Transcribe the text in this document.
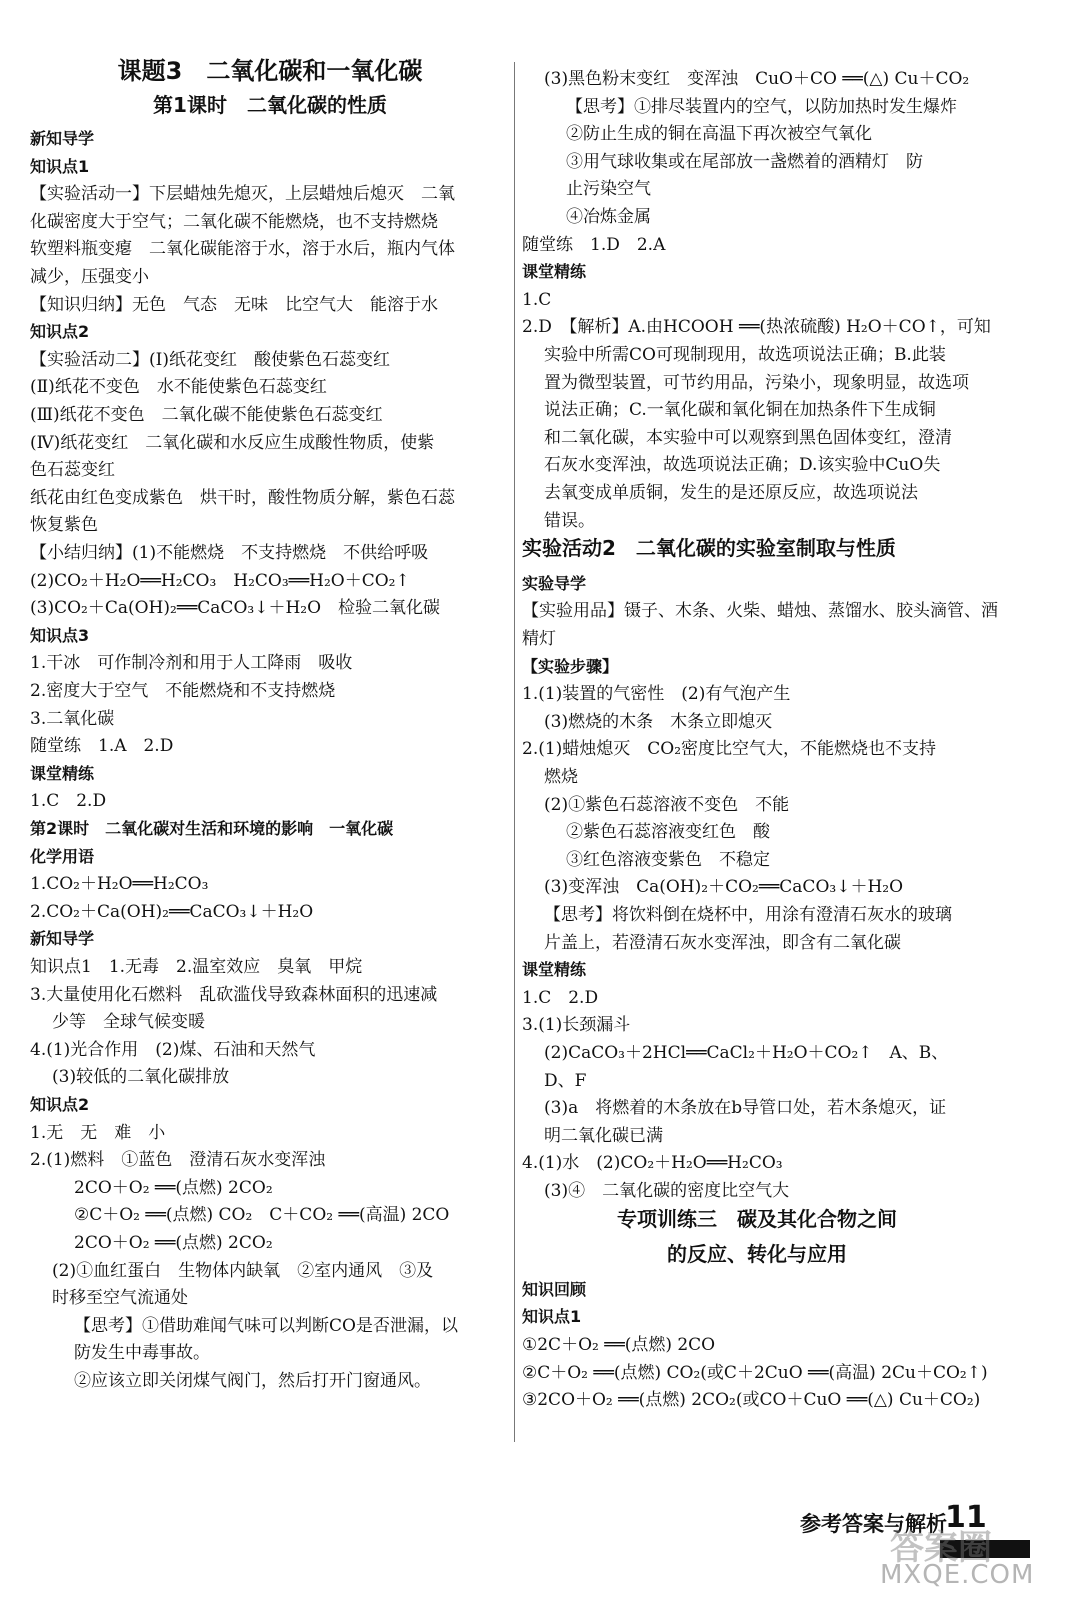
课题3　二氧化碳和一氧化碳
第1课时　二氧化碳的性质
新知导学
知识点1
【实验活动一】下层蜡烛先熄灭，上层蜡烛后熄灭　二氧
化碳密度大于空气；二氧化碳不能燃烧，也不支持燃烧
软塑料瓶变瘪　二氧化碳能溶于水，溶于水后，瓶内气体
减少，压强变小
【知识归纳】无色　气态　无味　比空气大　能溶于水
知识点2
【实验活动二】(Ⅰ)纸花变红　酸使紫色石蕊变红
(Ⅱ)纸花不变色　水不能使紫色石蕊变红
(Ⅲ)纸花不变色　二氧化碳不能使紫色石蕊变红
(Ⅳ)纸花变红　二氧化碳和水反应生成酸性物质，使紫
色石蕊变红
纸花由红色变成紫色　烘干时，酸性物质分解，紫色石蕊
恢复紫色
【小结归纳】(1)不能燃烧　不支持燃烧　不供给呼吸
(2)CO₂＋H₂O══H₂CO₃　H₂CO₃══H₂O＋CO₂↑
(3)CO₂＋Ca(OH)₂══CaCO₃↓＋H₂O　检验二氧化碳
知识点3
1.干冰　可作制冷剂和用于人工降雨　吸收
2.密度大于空气　不能燃烧和不支持燃烧
3.二氧化碳
随堂练　1.A　2.D
课堂精练
1.C　2.D
第2课时　二氧化碳对生活和环境的影响　一氧化碳
化学用语
1.CO₂＋H₂O══H₂CO₃
2.CO₂＋Ca(OH)₂══CaCO₃↓＋H₂O
新知导学
知识点1　1.无毒　2.温室效应　臭氧　甲烷
3.大量使用化石燃料　乱砍滥伐导致森林面积的迅速减
少等　全球气候变暖
4.(1)光合作用　(2)煤、石油和天然气
(3)较低的二氧化碳排放
知识点2
1.无　无　难　小
2.(1)燃料　①蓝色　澄清石灰水变浑浊
2CO＋O₂ ══(点燃) 2CO₂
②C＋O₂ ══(点燃) CO₂　C＋CO₂ ══(高温) 2CO
2CO＋O₂ ══(点燃) 2CO₂
(2)①血红蛋白　生物体内缺氧　②室内通风　③及
时移至空气流通处
【思考】①借助难闻气味可以判断CO是否泄漏，以
防发生中毒事故。
②应该立即关闭煤气阀门，然后打开门窗通风。
(3)黑色粉末变红　变浑浊　CuO＋CO ══(△) Cu＋CO₂
【思考】①排尽装置内的空气，以防加热时发生爆炸
②防止生成的铜在高温下再次被空气氧化
③用气球收集或在尾部放一盏燃着的酒精灯　防
止污染空气
④冶炼金属
随堂练　1.D　2.A
课堂精练
1.C
2.D　【解析】A.由HCOOH ══(热浓硫酸) H₂O＋CO↑，可知
实验中所需CO可现制现用，故选项说法正确；B.此装
置为微型装置，可节约用品，污染小，现象明显，故选项
说法正确；C.一氧化碳和氧化铜在加热条件下生成铜
和二氧化碳，本实验中可以观察到黑色固体变红，澄清
石灰水变浑浊，故选项说法正确；D.该实验中CuO失
去氧变成单质铜，发生的是还原反应，故选项说法
错误。
实验活动2　二氧化碳的实验室制取与性质
实验导学
【实验用品】镊子、木条、火柴、蜡烛、蒸馏水、胶头滴管、酒
精灯
【实验步骤】
1.(1)装置的气密性　(2)有气泡产生
(3)燃烧的木条　木条立即熄灭
2.(1)蜡烛熄灭　CO₂密度比空气大，不能燃烧也不支持
燃烧
(2)①紫色石蕊溶液不变色　不能
②紫色石蕊溶液变红色　酸
③红色溶液变紫色　不稳定
(3)变浑浊　Ca(OH)₂＋CO₂══CaCO₃↓＋H₂O
【思考】将饮料倒在烧杯中，用涂有澄清石灰水的玻璃
片盖上，若澄清石灰水变浑浊，即含有二氧化碳
课堂精练
1.C　2.D
3.(1)长颈漏斗
(2)CaCO₃＋2HCl══CaCl₂＋H₂O＋CO₂↑　A、B、
D、F
(3)a　将燃着的木条放在b导管口处，若木条熄灭，证
明二氧化碳已满
4.(1)水　(2)CO₂＋H₂O══H₂CO₃
(3)④　二氧化碳的密度比空气大
专项训练三　碳及其化合物之间
的反应、转化与应用
知识回顾
知识点1
①2C＋O₂ ══(点燃) 2CO
②C＋O₂ ══(点燃) CO₂(或C＋2CuO ══(高温) 2Cu＋CO₂↑)
③2CO＋O₂ ══(点燃) 2CO₂(或CO＋CuO ══(△) Cu＋CO₂)
参考答案与解析
11
答案圈
MXQE.COM
